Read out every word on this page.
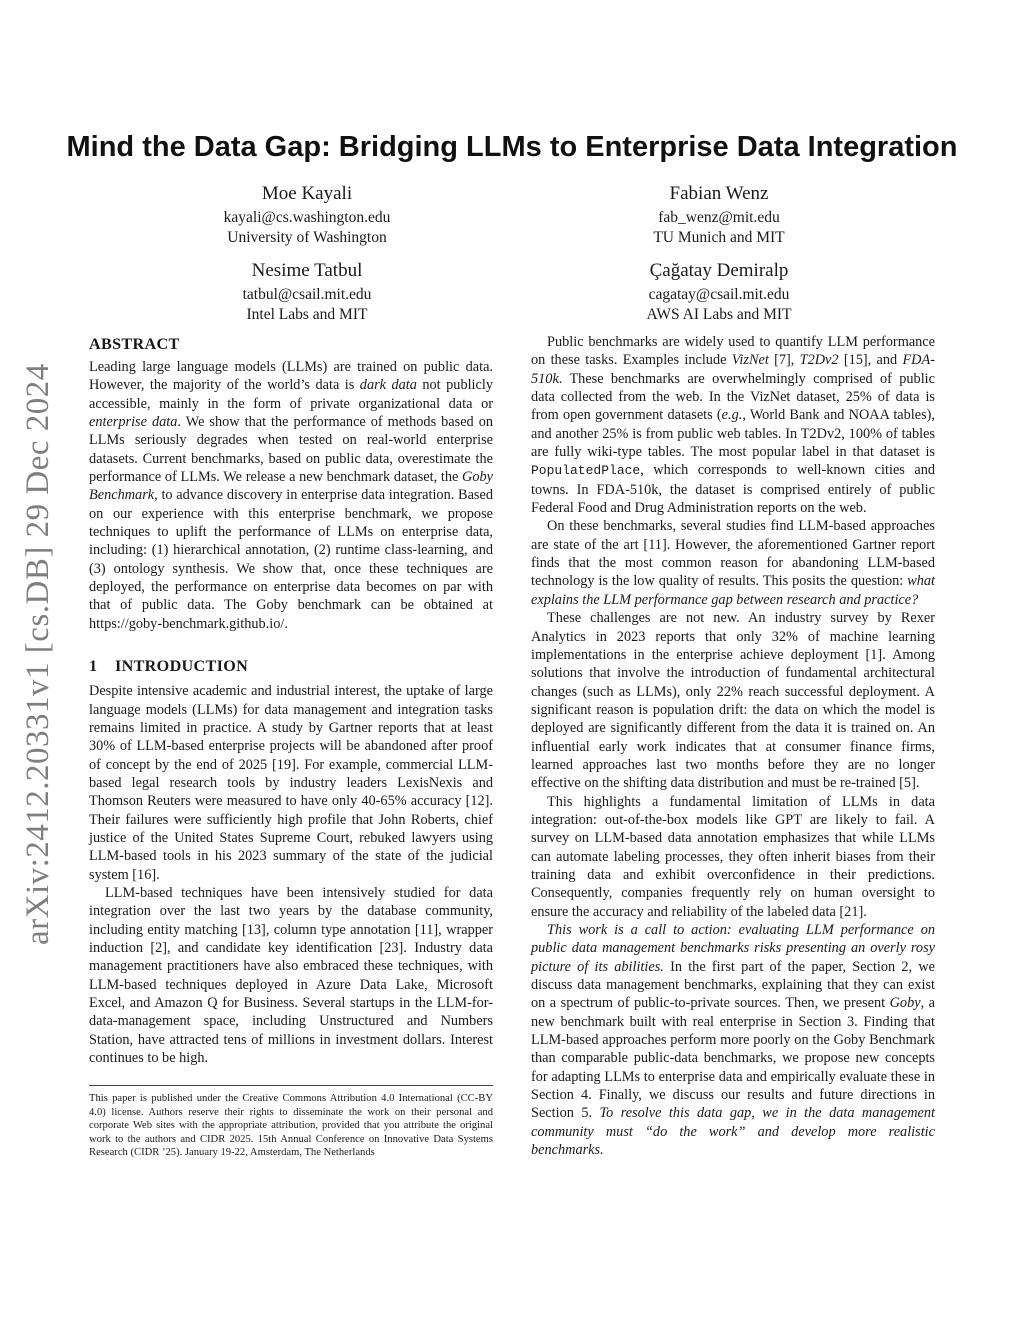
arXiv:2412.20331v1 [cs.DB] 29 Dec 2024
Mind the Data Gap: Bridging LLMs to Enterprise Data Integration
Moe Kayali
kayali@cs.washington.edu
University of Washington
Fabian Wenz
fab_wenz@mit.edu
TU Munich and MIT
Nesime Tatbul
tatbul@csail.mit.edu
Intel Labs and MIT
Çağatay Demiralp
cagatay@csail.mit.edu
AWS AI Labs and MIT
ABSTRACT

Leading large language models (LLMs) are trained on public data. However, the majority of the world’s data is dark data not publicly accessible, mainly in the form of private organizational data or enterprise data. We show that the performance of methods based on LLMs seriously degrades when tested on real-world enterprise datasets. Current benchmarks, based on public data, overestimate the performance of LLMs. We release a new benchmark dataset, the Goby Benchmark, to advance discovery in enterprise data integration. Based on our experience with this enterprise benchmark, we propose techniques to uplift the performance of LLMs on enterprise data, including: (1) hierarchical annotation, (2) runtime class-learning, and (3) ontology synthesis. We show that, once these techniques are deployed, the performance on enterprise data becomes on par with that of public data. The Goby benchmark can be obtained at https://goby-benchmark.github.io/.

1 INTRODUCTION

Despite intensive academic and industrial interest, the uptake of large language models (LLMs) for data management and integration tasks remains limited in practice. A study by Gartner reports that at least 30% of LLM-based enterprise projects will be abandoned after proof of concept by the end of 2025 [19]. For example, commercial LLM-based legal research tools by industry leaders LexisNexis and Thomson Reuters were measured to have only 40-65% accuracy [12]. Their failures were sufficiently high profile that John Roberts, chief justice of the United States Supreme Court, rebuked lawyers using LLM-based tools in his 2023 summary of the state of the judicial system [16].

LLM-based techniques have been intensively studied for data integration over the last two years by the database community, including entity matching [13], column type annotation [11], wrapper induction [2], and candidate key identification [23]. Industry data management practitioners have also embraced these techniques, with LLM-based techniques deployed in Azure Data Lake, Microsoft Excel, and Amazon Q for Business. Several startups in the LLM-for-data-management space, including Unstructured and Numbers Station, have attracted tens of millions in investment dollars. Interest continues to be high.

This paper is published under the Creative Commons Attribution 4.0 International (CC-BY 4.0) license. Authors reserve their rights to disseminate the work on their personal and corporate Web sites with the appropriate attribution, provided that you attribute the original work to the authors and CIDR 2025. 15th Annual Conference on Innovative Data Systems Research (CIDR ’25). January 19-22, Amsterdam, The Netherlands

Public benchmarks are widely used to quantify LLM performance on these tasks. Examples include VizNet [7], T2Dv2 [15], and FDA-510k. These benchmarks are overwhelmingly comprised of public data collected from the web. In the VizNet dataset, 25% of data is from open government datasets (e.g., World Bank and NOAA tables), and another 25% is from public web tables. In T2Dv2, 100% of tables are fully wiki-type tables. The most popular label in that dataset is PopulatedPlace, which corresponds to well-known cities and towns. In FDA-510k, the dataset is comprised entirely of public Federal Food and Drug Administration reports on the web.

On these benchmarks, several studies find LLM-based approaches are state of the art [11]. However, the aforementioned Gartner report finds that the most common reason for abandoning LLM-based technology is the low quality of results. This posits the question: what explains the LLM performance gap between research and practice?

These challenges are not new. An industry survey by Rexer Analytics in 2023 reports that only 32% of machine learning implementations in the enterprise achieve deployment [1]. Among solutions that involve the introduction of fundamental architectural changes (such as LLMs), only 22% reach successful deployment. A significant reason is population drift: the data on which the model is deployed are significantly different from the data it is trained on. An influential early work indicates that at consumer finance firms, learned approaches last two months before they are no longer effective on the shifting data distribution and must be re-trained [5].

This highlights a fundamental limitation of LLMs in data integration: out-of-the-box models like GPT are likely to fail. A survey on LLM-based data annotation emphasizes that while LLMs can automate labeling processes, they often inherit biases from their training data and exhibit overconfidence in their predictions. Consequently, companies frequently rely on human oversight to ensure the accuracy and reliability of the labeled data [21].

This work is a call to action: evaluating LLM performance on public data management benchmarks risks presenting an overly rosy picture of its abilities. In the first part of the paper, Section 2, we discuss data management benchmarks, explaining that they can exist on a spectrum of public-to-private sources. Then, we present Goby, a new benchmark built with real enterprise in Section 3. Finding that LLM-based approaches perform more poorly on the Goby Benchmark than comparable public-data benchmarks, we propose new concepts for adapting LLMs to enterprise data and empirically evaluate these in Section 4. Finally, we discuss our results and future directions in Section 5. To resolve this data gap, we in the data management community must “do the work” and develop more realistic benchmarks.
